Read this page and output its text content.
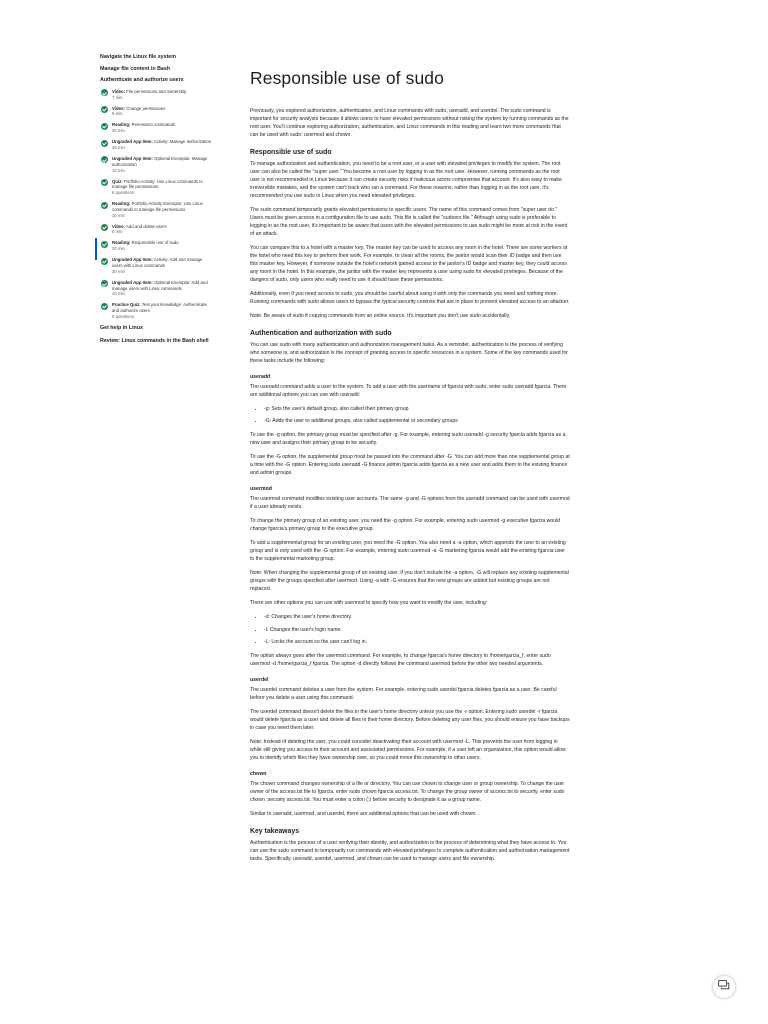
Navigate the Linux file system
Manage file content in Bash
Authenticate and authorize users
Video: File permissions and ownership
7 min
Video: Change permissions
6 min
Reading: Permission commands
20 min
Ungraded App Item: Activity: Manage authorization
30 min
Ungraded App Item: Optional Exemplar: Manage authorization
10 min
Quiz: Portfolio Activity: Use Linux commands to manage file permissions
8 questions
Reading: Portfolio Activity Exemplar: Use Linux commands to manage file permissions
10 min
Video: Add and delete users
5 min
Reading: Responsible use of sudo
20 min
Ungraded App Item: Activity: Add and manage users with Linux commands
30 min
Ungraded App Item: Optional Exemplar: Add and manage users with Linux commands
10 min
Practice Quiz: Test your knowledge: Authenticate and authorize users
5 questions
Get help in Linux
Review: Linux commands in the Bash shell
Responsible use of sudo

Previously, you explored authorization, authentication, and Linux commands with sudo, useradd, and userdel. The sudo command is important for security analysts because it allows users to have elevated permissions without risking the system by running commands as the root user. You'll continue exploring authorization, authentication, and Linux commands in this reading and learn two more commands that can be used with sudo: usermod and chown.

Responsible use of sudo

To manage authorization and authentication, you need to be a root user, or a user with elevated privileges to modify the system. The root user can also be called the "super user." You become a root user by logging in as the root user. However, running commands as the root user is not recommended in Linux because it can create security risks if malicious actors compromise that account. It's also easy to make irreversible mistakes, and the system can't track who ran a command. For these reasons, rather than logging in as the root user, it's recommended you use sudo in Linux when you need elevated privileges.

The sudo command temporarily grants elevated permissions to specific users. The name of this command comes from "super user do." Users must be given access in a configuration file to use sudo. This file is called the "sudoers file." Although using sudo is preferable to logging in as the root user, it's important to be aware that users with the elevated permissions to use sudo might be more at risk in the event of an attack.

You can compare this to a hotel with a master key. The master key can be used to access any room in the hotel. There are some workers at the hotel who need this key to perform their work. For example, to clean all the rooms, the janitor would scan their ID badge and then use this master key. However, if someone outside the hotel's network gained access to the janitor's ID badge and master key, they could access any room in the hotel. In this example, the janitor with the master key represents a user using sudo for elevated privileges. Because of the dangers of sudo, only users who really need to use it should have these permissions.

Additionally, even if you need access to sudo, you should be careful about using it with only the commands you need and nothing more. Running commands with sudo allows users to bypass the typical security controls that are in place to prevent elevated access to an attacker.

Note: Be aware of sudo if copying commands from an online source. It's important you don't use sudo accidentally.

Authentication and authorization with sudo

You can use sudo with many authentication and authorization management tasks. As a reminder, authentication is the process of verifying who someone is, and authorization is the concept of granting access to specific resources in a system. Some of the key commands used for these tasks include the following:

useradd

The useradd command adds a user to the system. To add a user with the username of fgarcia with sudo, enter sudo useradd fgarcia. There are additional options you can use with useradd:

• -g: Sets the user's default group, also called their primary group
• -G: Adds the user to additional groups, also called supplemental or secondary groups

To use the -g option, the primary group must be specified after -g. For example, entering sudo useradd -g security fgarcia adds fgarcia as a new user and assigns their primary group to be security.

To use the -G option, the supplemental group must be passed into the command after -G. You can add more than one supplemental group at a time with the -G option. Entering sudo useradd -G finance,admin fgarcia adds fgarcia as a new user and adds them to the existing finance and admin groups.

usermod

The usermod command modifies existing user accounts. The same -g and -G options from the useradd command can be used with usermod if a user already exists.

To change the primary group of an existing user, you need the -g option. For example, entering sudo usermod -g executive fgarcia would change fgarcia's primary group to the executive group.

To add a supplemental group for an existing user, you need the -G option. You also need a -a option, which appends the user to an existing group and is only used with the -G option. For example, entering sudo usermod -a -G marketing fgarcia would add the existing fgarcia user to the supplemental marketing group.

Note: When changing the supplemental group of an existing user, if you don't include the -a option, -G will replace any existing supplemental groups with the groups specified after usermod. Using -a with -G ensures that the new groups are added but existing groups are not replaced.

There are other options you can use with usermod to specify how you want to modify the user, including:

• -d: Changes the user's home directory.
• -l: Changes the user's login name.
• -L: Locks the account so the user can't log in.

The option always goes after the usermod command. For example, to change fgarcia's home directory to /home/garcia_f, enter sudo usermod -d /home/garcia_f fgarcia. The option -d directly follows the command usermod before the other two needed arguments.

userdel

The userdel command deletes a user from the system. For example, entering sudo userdel fgarcia deletes fgarcia as a user. Be careful before you delete a user using this command.

The userdel command doesn't delete the files in the user's home directory unless you use the -r option. Entering sudo userdel -r fgarcia would delete fgarcia as a user and delete all files in their home directory. Before deleting any user files, you should ensure you have backups in case you need them later.

Note: Instead of deleting the user, you could consider deactivating their account with usermod -L. This prevents the user from logging in while still giving you access to their account and associated permissions. For example, if a user left an organization, this option would allow you to identify which files they have ownership over, so you could move this ownership to other users.

chown

The chown command changes ownership of a file or directory. You can use chown to change user or group ownership. To change the user owner of the access.txt file to fgarcia, enter sudo chown fgarcia access.txt. To change the group owner of access.txt to security, enter sudo chown :security access.txt. You must enter a colon (:) before security to designate it as a group name.

Similar to useradd, usermod, and userdel, there are additional options that can be used with chown.

Key takeaways

Authentication is the process of a user verifying their identity, and authorization is the process of determining what they have access to. You can use the sudo command to temporarily run commands with elevated privileges to complete authentication and authorization management tasks. Specifically, useradd, userdel, usermod, and chown can be used to manage users and file ownership.
